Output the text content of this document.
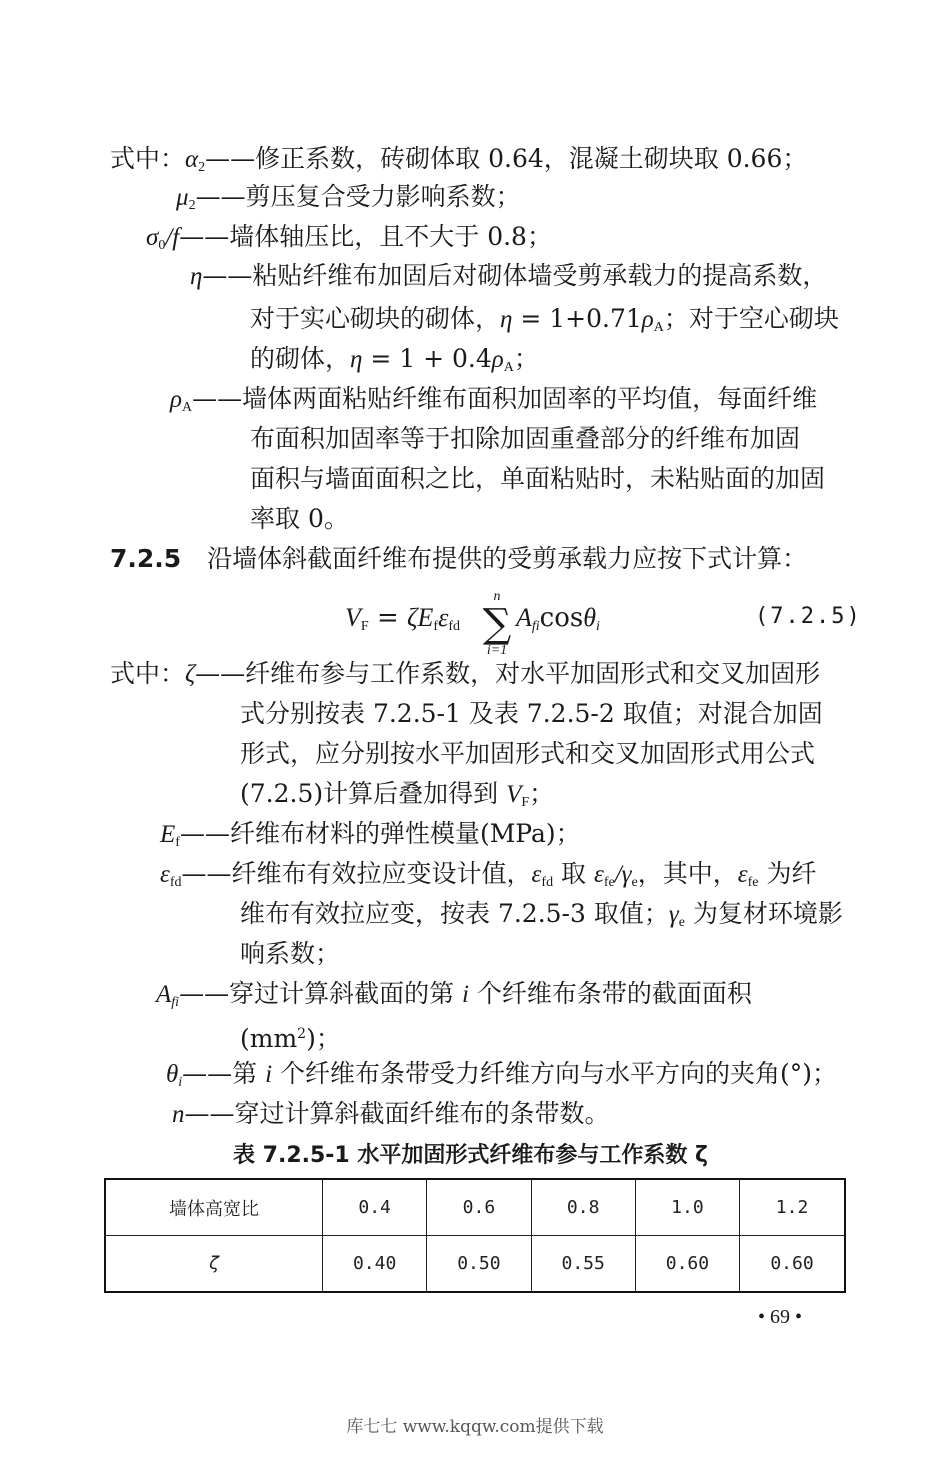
式中：$\alpha_2——$修正系数，砖砌体取 0.64，混凝土砌块取 0.66；
$\mu_2——$剪压复合受力影响系数；
$\sigma_0/f——$墙体轴压比，且不大于 0.8；
η——粘贴纤维布加固后对砌体墙受剪承载力的提高系数，
对于实心砌块的砌体，$\eta = 1+0.71\rho_A$；对于空心砌块
的砌体，$\eta = 1 + 0.4\rho_A$；
$\rho_A——$墙体两面粘贴纤维布面积加固率的平均值，每面纤维
布面积加固率等于扣除加固重叠部分的纤维布加固
面积与墙面面积之比，单面粘贴时，未粘贴面的加固
率取 0。
7.2.5 沿墙体斜截面纤维布提供的受剪承载力应按下式计算：
$V_F = \zeta E_f\varepsilon_{fd}$
n
∑
i=1
Aficosθi	(7.2.5)
式中：ζ——纤维布参与工作系数，对水平加固形式和交叉加固形
式分别按表 7.2.5-1 及表 7.2.5-2 取值；对混合加固
形式，应分别按水平加固形式和交叉加固形式用公式
(7.2.5)计算后叠加得到 $V_F$；
$E_f——$纤维布材料的弹性模量(MPa)；
$\varepsilon_{fd}——$纤维布有效拉应变设计值，$\varepsilon_{fd}$ 取 $\varepsilon_{fe}/\gamma_e$，其中，$\varepsilon_{fe}$ 为纤
维布有效拉应变，按表 7.2.5-3 取值；$\gamma_e$ 为复材环境影
响系数；
Afi——穿过计算斜截面的第 i 个纤维布条带的截面面积
$(mm^2)$；
θi——第 i 个纤维布条带受力纤维方向与水平方向的夹角(°)；
n——穿过计算斜截面纤维布的条带数。
表 7.2.5-1 水平加固形式纤维布参与工作系数 ζ
墙体高宽比	0.4	0.6	0.8	1.0	1.2
ζ	0.40	0.50	0.55	0.60	0.60
• 69 •
库七七 www.kqqw.com提供下载
